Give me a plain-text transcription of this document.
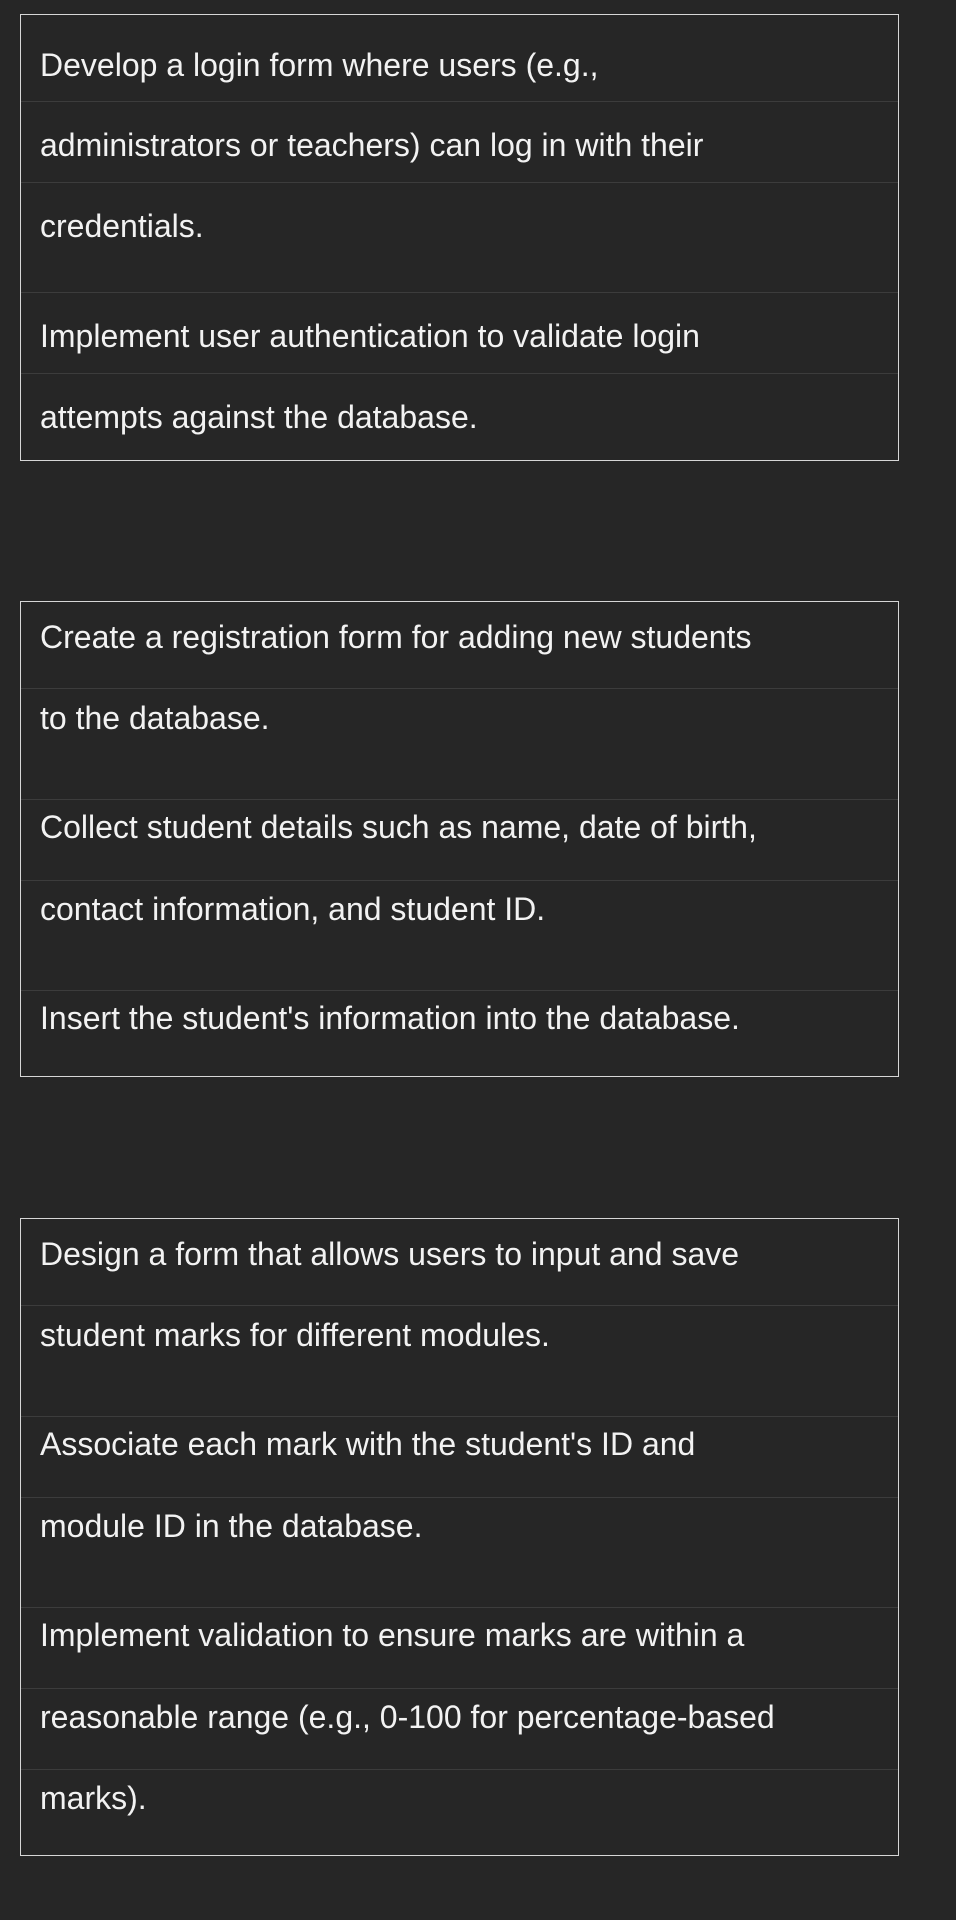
Develop a login form where users (e.g.,
administrators or teachers) can log in with their
credentials.
Implement user authentication to validate login
attempts against the database.
Create a registration form for adding new students
to the database.
Collect student details such as name, date of birth,
contact information, and student ID.
Insert the student's information into the database.
Design a form that allows users to input and save
student marks for different modules.
Associate each mark with the student's ID and
module ID in the database.
Implement validation to ensure marks are within a
reasonable range (e.g., 0-100 for percentage-based
marks).
